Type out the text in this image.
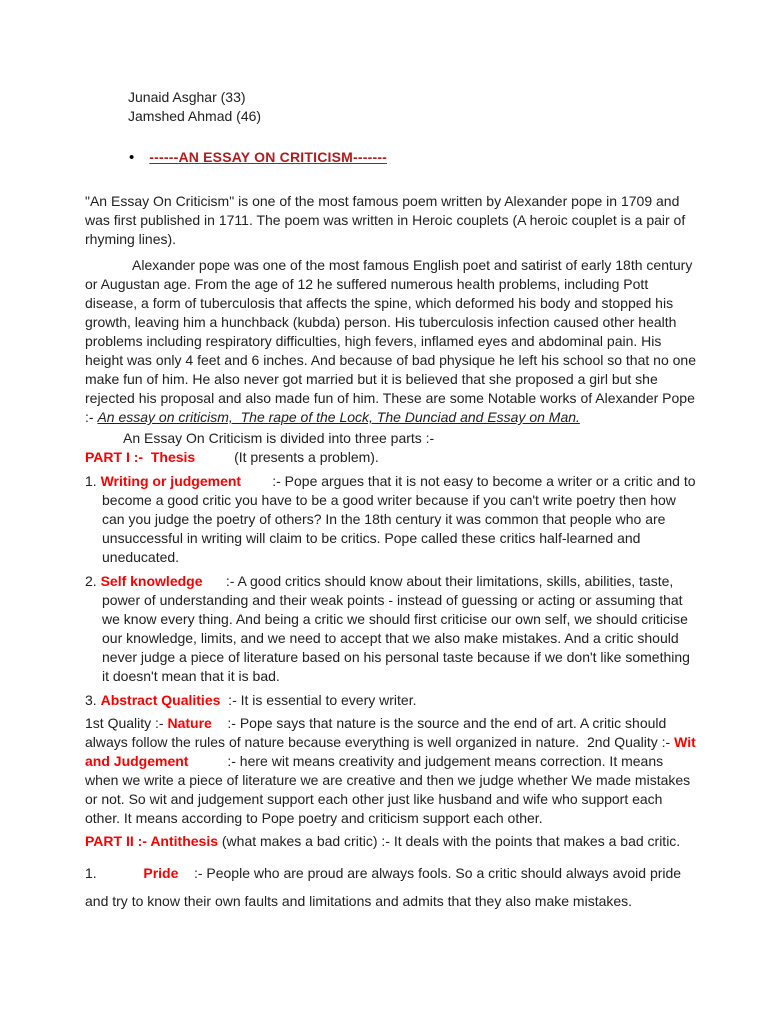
Junaid Asghar (33)
Jamshed Ahmad (46)
• ------AN ESSAY ON CRITICISM-------

"An Essay On Criticism" is one of the most famous poem written by Alexander pope in 1709 and was first published in 1711. The poem was written in Heroic couplets (A heroic couplet is a pair of rhyming lines).

Alexander pope was one of the most famous English poet and satirist of early 18th century or Augustan age. From the age of 12 he suffered numerous health problems, including Pott disease, a form of tuberculosis that affects the spine, which deformed his body and stopped his growth, leaving him a hunchback (kubda) person. His tuberculosis infection caused other health problems including respiratory difficulties, high fevers, inflamed eyes and abdominal pain. His height was only 4 feet and 6 inches. And because of bad physique he left his school so that no one make fun of him. He also never got married but it is believed that she proposed a girl but she rejected his proposal and also made fun of him. These are some Notable works of Alexander Pope :- An essay on criticism,  The rape of the Lock, The Dunciad and Essay on Man.

An Essay On Criticism is divided into three parts :-

PART I :-  Thesis          (It presents a problem).

1. Writing or judgement        :- Pope argues that it is not easy to become a writer or a critic and to become a good critic you have to be a good writer because if you can't write poetry then how can you judge the poetry of others? In the 18th century it was common that people who are unsuccessful in writing will claim to be critics. Pope called these critics half-learned and uneducated.
2. Self knowledge      :- A good critics should know about their limitations, skills, abilities, taste, power of understanding and their weak points - instead of guessing or acting or assuming that we know every thing. And being a critic we should first criticise our own self, we should criticise our knowledge, limits, and we need to accept that we also make mistakes. And a critic should never judge a piece of literature based on his personal taste because if we don't like something it doesn't mean that it is bad.
3. Abstract Qualities  :- It is essential to every writer.

1st Quality :- Nature    :- Pope says that nature is the source and the end of art. A critic should always follow the rules of nature because everything is well organized in nature.  2nd Quality :- Wit and Judgement          :- here wit means creativity and judgement means correction. It means when we write a piece of literature we are creative and then we judge whether We made mistakes or not. So wit and judgement support each other just like husband and wife who support each other. It means according to Pope poetry and criticism support each other.

PART II :- Antithesis (what makes a bad critic) :- It deals with the points that makes a bad critic.

1.	Pride    :- People who are proud are always fools. So a critic should always avoid pride and try to know their own faults and limitations and admits that they also make mistakes.
